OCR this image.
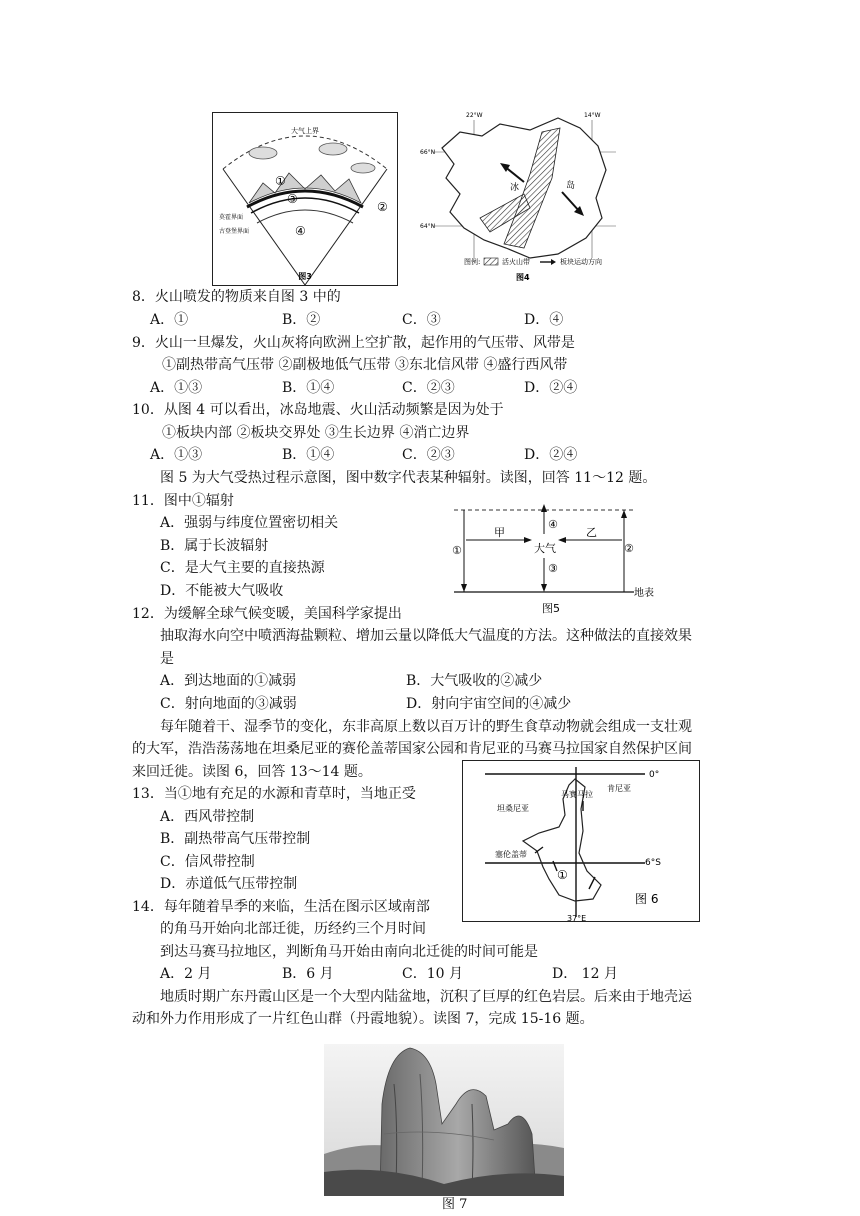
大气上界
①
③
②
④
莫霍界面
古登堡界面
图3
22°W	14°W
66°N
64°N
冰	岛
图例:	活火山带	板块运动方向
图4
8．火山喷发的物质来自图 3 中的
A．①	B．②	C．③	D．④
9．火山一旦爆发，火山灰将向欧洲上空扩散，起作用的气压带、风带是
①副热带高气压带 ②副极地低气压带 ③东北信风带 ④盛行西风带
A．①③	B．①④	C．②③	D．②④
10．从图 4 可以看出，冰岛地震、火山活动频繁是因为处于
①板块内部 ②板块交界处 ③生长边界 ④消亡边界
A．①③	B．①④	C．②③	D．②④
图 5 为大气受热过程示意图，图中数字代表某种辐射。读图，回答 11～12 题。
11．图中①辐射
A．强弱与纬度位置密切相关
B．属于长波辐射
C．是大气主要的直接热源
D．不能被大气吸收
甲	乙
大气
④
③
①	②
地表
图5
12．为缓解全球气候变暖，美国科学家提出
抽取海水向空中喷洒海盐颗粒、增加云量以降低大气温度的方法。这种做法的直接效果
是
A．到达地面的①减弱	B．大气吸收的②减少
C．射向地面的③减弱	D．射向宇宙空间的④减少
每年随着干、湿季节的变化，东非高原上数以百万计的野生食草动物就会组成一支壮观
的大军，浩浩荡荡地在坦桑尼亚的赛伦盖蒂国家公园和肯尼亚的马赛马拉国家自然保护区间
来回迁徙。读图 6，回答 13～14 题。	0°
6°S
37°E
马赛马拉
肯尼亚
坦桑尼亚
塞伦盖蒂
①
图 6
13．当①地有充足的水源和青草时，当地正受
A．西风带控制
B．副热带高气压带控制
C．信风带控制
D．赤道低气压带控制
14．每年随着旱季的来临，生活在图示区域南部
的角马开始向北部迁徙，历经约三个月时间
到达马赛马拉地区，判断角马开始由南向北迁徙的时间可能是
A．2 月	B．6 月	C．10 月	D． 12 月
地质时期广东丹霞山区是一个大型内陆盆地，沉积了巨厚的红色岩层。后来由于地壳运
动和外力作用形成了一片红色山群（丹霞地貌）。读图 7，完成 15-16 题。
图 7
